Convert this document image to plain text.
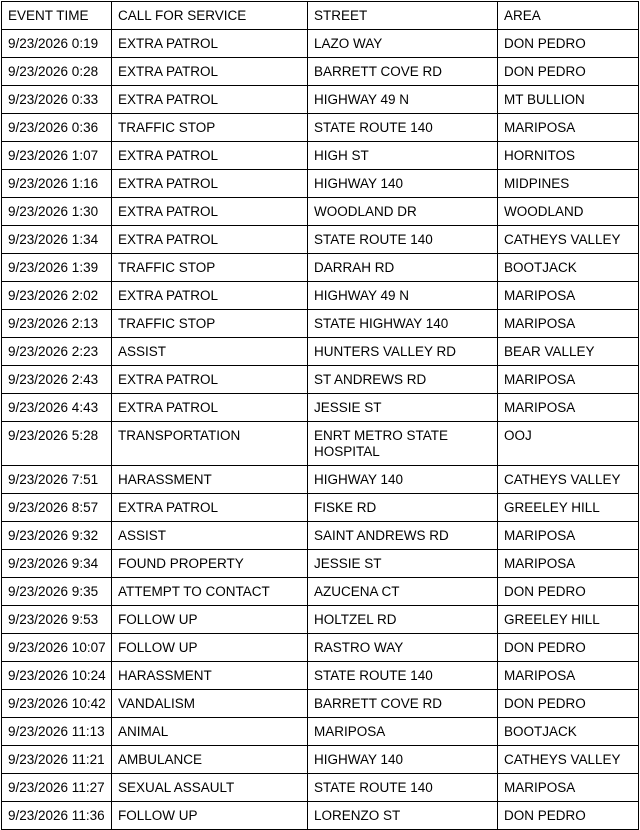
EVENT TIME	CALL FOR SERVICE	STREET	AREA
9/23/2026 0:19	EXTRA PATROL	LAZO WAY	DON PEDRO
9/23/2026 0:28	EXTRA PATROL	BARRETT COVE RD	DON PEDRO
9/23/2026 0:33	EXTRA PATROL	HIGHWAY 49 N	MT BULLION
9/23/2026 0:36	TRAFFIC STOP	STATE ROUTE 140	MARIPOSA
9/23/2026 1:07	EXTRA PATROL	HIGH ST	HORNITOS
9/23/2026 1:16	EXTRA PATROL	HIGHWAY 140	MIDPINES
9/23/2026 1:30	EXTRA PATROL	WOODLAND DR	WOODLAND
9/23/2026 1:34	EXTRA PATROL	STATE ROUTE 140	CATHEYS VALLEY
9/23/2026 1:39	TRAFFIC STOP	DARRAH RD	BOOTJACK
9/23/2026 2:02	EXTRA PATROL	HIGHWAY 49 N	MARIPOSA
9/23/2026 2:13	TRAFFIC STOP	STATE HIGHWAY 140	MARIPOSA
9/23/2026 2:23	ASSIST	HUNTERS VALLEY RD	BEAR VALLEY
9/23/2026 2:43	EXTRA PATROL	ST ANDREWS RD	MARIPOSA
9/23/2026 4:43	EXTRA PATROL	JESSIE ST	MARIPOSA
9/23/2026 5:28	TRANSPORTATION	ENRT METRO STATE HOSPITAL	OOJ
9/23/2026 7:51	HARASSMENT	HIGHWAY 140	CATHEYS VALLEY
9/23/2026 8:57	EXTRA PATROL	FISKE RD	GREELEY HILL
9/23/2026 9:32	ASSIST	SAINT ANDREWS RD	MARIPOSA
9/23/2026 9:34	FOUND PROPERTY	JESSIE ST	MARIPOSA
9/23/2026 9:35	ATTEMPT TO CONTACT	AZUCENA CT	DON PEDRO
9/23/2026 9:53	FOLLOW UP	HOLTZEL RD	GREELEY HILL
9/23/2026 10:07	FOLLOW UP	RASTRO WAY	DON PEDRO
9/23/2026 10:24	HARASSMENT	STATE ROUTE 140	MARIPOSA
9/23/2026 10:42	VANDALISM	BARRETT COVE RD	DON PEDRO
9/23/2026 11:13	ANIMAL	MARIPOSA	BOOTJACK
9/23/2026 11:21	AMBULANCE	HIGHWAY 140	CATHEYS VALLEY
9/23/2026 11:27	SEXUAL ASSAULT	STATE ROUTE 140	MARIPOSA
9/23/2026 11:36	FOLLOW UP	LORENZO ST	DON PEDRO
